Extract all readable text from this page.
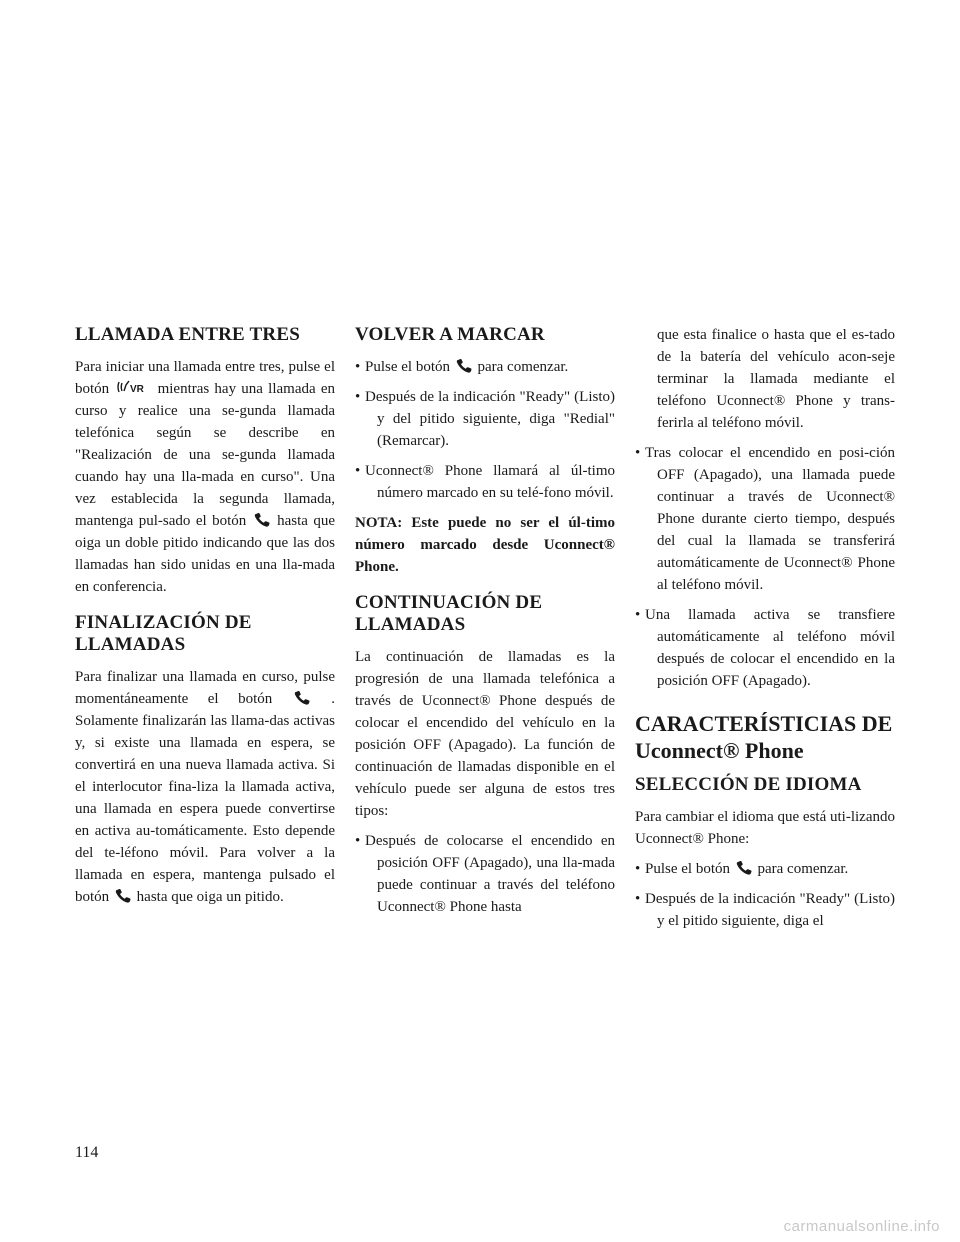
LLAMADA ENTRE TRES

Para iniciar una llamada entre tres, pulse el botón VR mientras hay una llamada en curso y realice una se-gunda llamada telefónica según se describe en "Realización de una se-gunda llamada cuando hay una lla-mada en curso". Una vez establecida la segunda llamada, mantenga pul-sado el botón hasta que oiga un doble pitido indicando que las dos llamadas han sido unidas en una lla-mada en conferencia.

FINALIZACIÓN DE LLAMADAS

Para finalizar una llamada en curso, pulse momentáneamente el botón	. Solamente finalizarán las llama-das activas y, si existe una llamada en espera, se convertirá en una nueva llamada activa. Si el interlocutor fina-liza la llamada activa, una llamada en espera puede convertirse en activa au-tomáticamente. Esto depende del te-léfono móvil. Para volver a la llamada en espera, mantenga pulsado el botón hasta que oiga un pitido.

VOLVER A MARCAR
• Pulse el botón para comenzar.
• Después de la indicación "Ready" (Listo) y del pitido siguiente, diga "Redial" (Remarcar).
• Uconnect® Phone llamará al úl-timo número marcado en su telé-fono móvil.

NOTA: Este puede no ser el úl-timo número marcado desde Uconnect® Phone.

CONTINUACIÓN DE LLAMADAS

La continuación de llamadas es la progresión de una llamada telefónica a través de Uconnect® Phone después de colocar el encendido del vehículo en la posición OFF (Apagado). La función de continuación de llamadas disponible en el vehículo puede ser alguna de estos tres tipos:

• Después de colocarse el encendido en posición OFF (Apagado), una lla-mada puede continuar a través del teléfono Uconnect® Phone hasta
que esta finalice o hasta que el es-tado de la batería del vehículo acon-seje terminar la llamada mediante el teléfono Uconnect® Phone y trans-ferirla al teléfono móvil.
• Tras colocar el encendido en posi-ción OFF (Apagado), una llamada puede continuar a través de Uconnect® Phone durante cierto tiempo, después del cual la llamada se transferirá automáticamente de Uconnect® Phone al teléfono móvil.
• Una llamada activa se transfiere automáticamente al teléfono móvil después de colocar el encendido en la posición OFF (Apagado).
CARACTERÍSTICIAS DE Uconnect® Phone
SELECCIÓN DE IDIOMA

Para cambiar el idioma que está uti-lizando Uconnect® Phone:

• Pulse el botón para comenzar.
• Después de la indicación "Ready" (Listo) y el pitido siguiente, diga el
114
carmanualsonline.info
